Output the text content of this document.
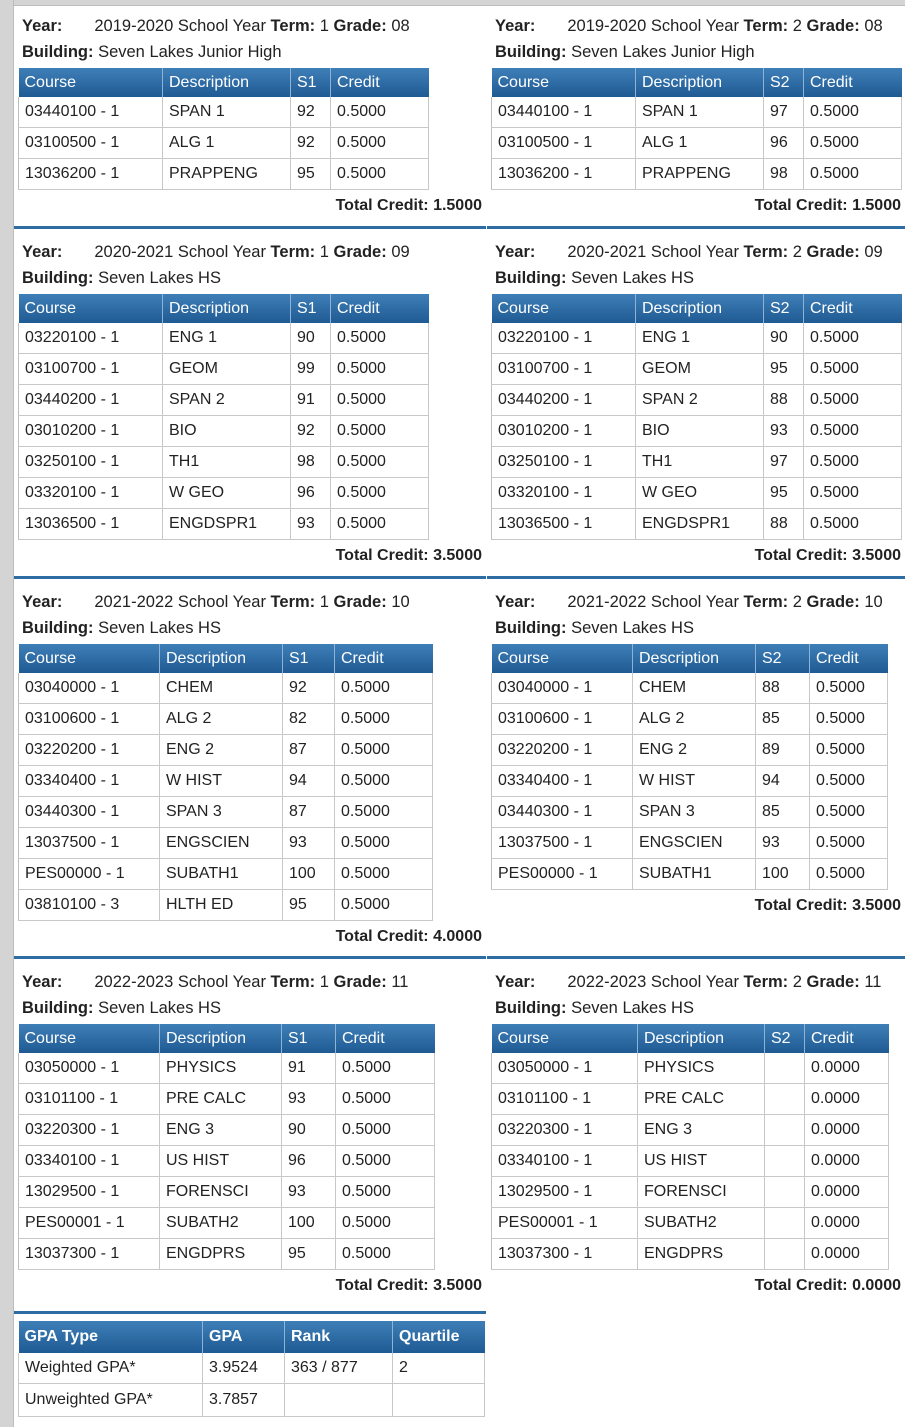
Year: 2019-2020 School Year Term: 1 Grade: 08
Building: Seven Lakes Junior High
Course	Description	S1	Credit
03440100 - 1	SPAN 1	92	0.5000
03100500 - 1	ALG 1	92	0.5000
13036200 - 1	PRAPPENG	95	0.5000
Total Credit: 1.5000
Year: 2019-2020 School Year Term: 2 Grade: 08
Building: Seven Lakes Junior High
Course	Description	S2	Credit
03440100 - 1	SPAN 1	97	0.5000
03100500 - 1	ALG 1	96	0.5000
13036200 - 1	PRAPPENG	98	0.5000
Total Credit: 1.5000
Year: 2020-2021 School Year Term: 1 Grade: 09
Building: Seven Lakes HS
Course	Description	S1	Credit
03220100 - 1	ENG 1	90	0.5000
03100700 - 1	GEOM	99	0.5000
03440200 - 1	SPAN 2	91	0.5000
03010200 - 1	BIO	92	0.5000
03250100 - 1	TH1	98	0.5000
03320100 - 1	W GEO	96	0.5000
13036500 - 1	ENGDSPR1	93	0.5000
Total Credit: 3.5000
Year: 2020-2021 School Year Term: 2 Grade: 09
Building: Seven Lakes HS
Course	Description	S2	Credit
03220100 - 1	ENG 1	90	0.5000
03100700 - 1	GEOM	95	0.5000
03440200 - 1	SPAN 2	88	0.5000
03010200 - 1	BIO	93	0.5000
03250100 - 1	TH1	97	0.5000
03320100 - 1	W GEO	95	0.5000
13036500 - 1	ENGDSPR1	88	0.5000
Total Credit: 3.5000
Year: 2021-2022 School Year Term: 1 Grade: 10
Building: Seven Lakes HS
Course	Description	S1	Credit
03040000 - 1	CHEM	92	0.5000
03100600 - 1	ALG 2	82	0.5000
03220200 - 1	ENG 2	87	0.5000
03340400 - 1	W HIST	94	0.5000
03440300 - 1	SPAN 3	87	0.5000
13037500 - 1	ENGSCIEN	93	0.5000
PES00000 - 1	SUBATH1	100	0.5000
03810100 - 3	HLTH ED	95	0.5000
Total Credit: 4.0000
Year: 2021-2022 School Year Term: 2 Grade: 10
Building: Seven Lakes HS
Course	Description	S2	Credit
03040000 - 1	CHEM	88	0.5000
03100600 - 1	ALG 2	85	0.5000
03220200 - 1	ENG 2	89	0.5000
03340400 - 1	W HIST	94	0.5000
03440300 - 1	SPAN 3	85	0.5000
13037500 - 1	ENGSCIEN	93	0.5000
PES00000 - 1	SUBATH1	100	0.5000
Total Credit: 3.5000
Year: 2022-2023 School Year Term: 1 Grade: 11
Building: Seven Lakes HS
Course	Description	S1	Credit
03050000 - 1	PHYSICS	91	0.5000
03101100 - 1	PRE CALC	93	0.5000
03220300 - 1	ENG 3	90	0.5000
03340100 - 1	US HIST	96	0.5000
13029500 - 1	FORENSCI	93	0.5000
PES00001 - 1	SUBATH2	100	0.5000
13037300 - 1	ENGDPRS	95	0.5000
Total Credit: 3.5000
Year: 2022-2023 School Year Term: 2 Grade: 11
Building: Seven Lakes HS
Course	Description	S2	Credit
03050000 - 1	PHYSICS		0.0000
03101100 - 1	PRE CALC		0.0000
03220300 - 1	ENG 3		0.0000
03340100 - 1	US HIST		0.0000
13029500 - 1	FORENSCI		0.0000
PES00001 - 1	SUBATH2		0.0000
13037300 - 1	ENGDPRS		0.0000
Total Credit: 0.0000
GPA Type	GPA	Rank	Quartile
Weighted GPA*	3.9524	363 / 877	2
Unweighted GPA*	3.7857		
